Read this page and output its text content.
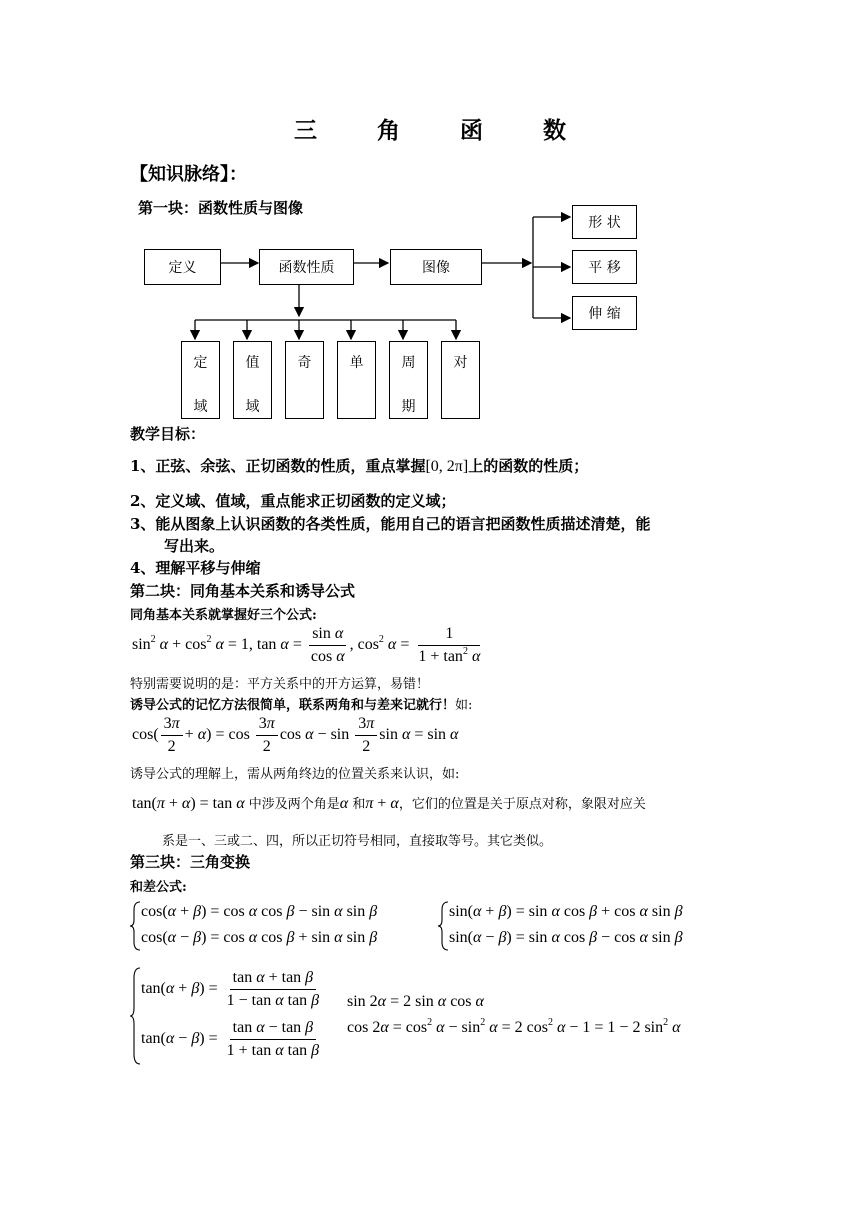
三 角 函 数
【知识脉络】：
第一块：函数性质与图像
定义	函数性质	图像
形 状
平 移
伸 缩
定
域
值
域
奇	单	周
期
对
教学目标：
1、正弦、余弦、正切函数的性质，重点掌握[0, 2π]上的函数的性质；
2、定义域、值域，重点能求正切函数的定义域；
3、能从图象上认识函数的各类性质，能用自己的语言把函数性质描述清楚，能
写出来。
4、理解平移与伸缩
第二块：同角基本关系和诱导公式
同角基本关系就掌握好三个公式:
$\sin^2 \alpha + \cos^2 \alpha = 1$, $\tan \alpha = \frac{\text{sin α}}{\text{cos α}}$ , $\cos^2 \alpha = \frac{1}{1 + \tan^2 \alpha}$
特别需要说明的是：平方关系中的开方运算，易错！
诱导公式的记忆方法很简单，联系两角和与差来记就行！如:
$\cos( \frac{3\pi}{2} + \alpha) = \cos \frac{3\pi}{2}$ $\cos \alpha - \sin \frac{3\pi}{2}$ sin α = sin α
诱导公式的理解上，需从两角终边的位置关系来认识，如:
tan(π + α) = tan α 中涉及两个角是α 和π + α，它们的位置是关于原点对称，象限对应关
系是一、三或二、四，所以正切符号相同，直接取等号。其它类似。
第三块：三角变换
和差公式:
cos(α + β) = cos α cos β − sin α sin β
cos(α − β) = cos α cos β + sin α sin β
sin(α + β) = sin α cos β + cos α sin β
sin(α − β) = sin α cos β − cos α sin β
$\tan(\alpha + \beta) = \frac{\text{tan α + tan β}}{\text{1 − tan α tan β}}$
$\tan(\alpha - \beta) = \frac{\text{tan α − tan β}}{\text{1 + tan α tan β}}$
sin 2α = 2 sin α cos α
$\cos 2\alpha = \cos^2 \alpha - \sin^2 \alpha = 2$ $\cos^2 \alpha - 1 = 1 - 2$ $\sin^2 \alpha$
